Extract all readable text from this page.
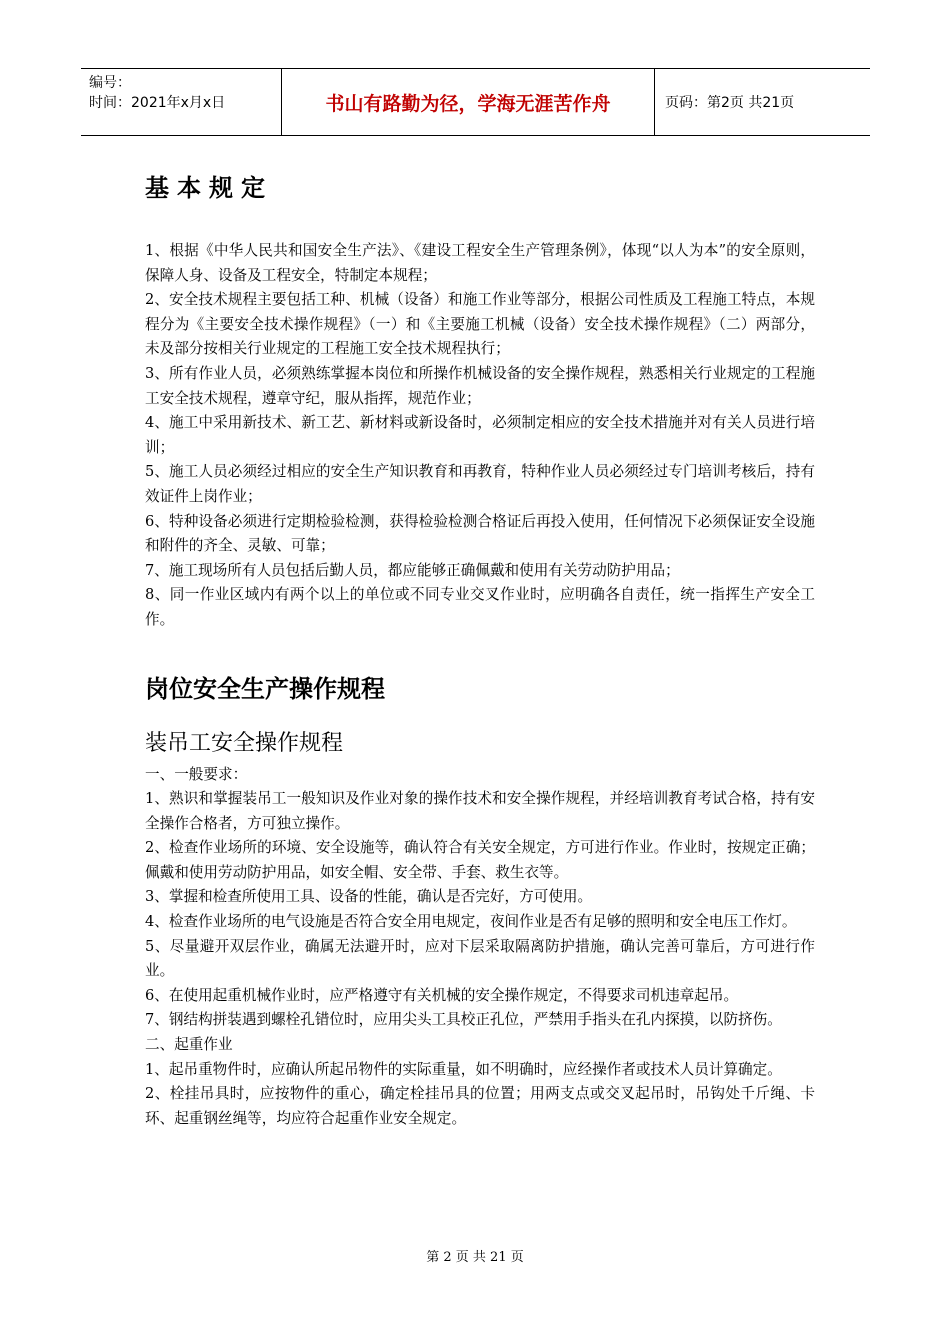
编号：
时间：2021年x月x日	书山有路勤为径，学海无涯苦作舟	页码：第2页 共21页
基本规定

1、根据《中华人民共和国安全生产法》、《建设工程安全生产管理条例》，体现“以人为本”的安全原则，保障人身、设备及工程安全，特制定本规程；

2、安全技术规程主要包括工种、机械（设备）和施工作业等部分，根据公司性质及工程施工特点，本规程分为《主要安全技术操作规程》（一）和《主要施工机械（设备）安全技术操作规程》（二）两部分，未及部分按相关行业规定的工程施工安全技术规程执行；

3、所有作业人员，必须熟练掌握本岗位和所操作机械设备的安全操作规程，熟悉相关行业规定的工程施工安全技术规程，遵章守纪，服从指挥，规范作业；

4、施工中采用新技术、新工艺、新材料或新设备时，必须制定相应的安全技术措施并对有关人员进行培训；

5、施工人员必须经过相应的安全生产知识教育和再教育，特种作业人员必须经过专门培训考核后，持有效证件上岗作业；

6、特种设备必须进行定期检验检测，获得检验检测合格证后再投入使用，任何情况下必须保证安全设施和附件的齐全、灵敏、可靠；

7、施工现场所有人员包括后勤人员，都应能够正确佩戴和使用有关劳动防护用品；

8、同一作业区域内有两个以上的单位或不同专业交叉作业时，应明确各自责任，统一指挥生产安全工作。

岗位安全生产操作规程
装吊工安全操作规程

一、一般要求：

1、熟识和掌握装吊工一般知识及作业对象的操作技术和安全操作规程，并经培训教育考试合格，持有安全操作合格者，方可独立操作。

2、检查作业场所的环境、安全设施等，确认符合有关安全规定，方可进行作业。作业时，按规定正确；佩戴和使用劳动防护用品，如安全帽、安全带、手套、救生衣等。

3、掌握和检查所使用工具、设备的性能，确认是否完好，方可使用。

4、检查作业场所的电气设施是否符合安全用电规定，夜间作业是否有足够的照明和安全电压工作灯。

5、尽量避开双层作业，确属无法避开时，应对下层采取隔离防护措施，确认完善可靠后，方可进行作业。

6、在使用起重机械作业时，应严格遵守有关机械的安全操作规定，不得要求司机违章起吊。

7、钢结构拼装遇到螺栓孔错位时，应用尖头工具校正孔位，严禁用手指头在孔内探摸，以防挤伤。

二、起重作业

1、起吊重物件时，应确认所起吊物件的实际重量，如不明确时，应经操作者或技术人员计算确定。

2、栓挂吊具时，应按物件的重心，确定栓挂吊具的位置；用两支点或交叉起吊时，吊钩处千斤绳、卡环、起重钢丝绳等，均应符合起重作业安全规定。

第 2 页 共 21 页
